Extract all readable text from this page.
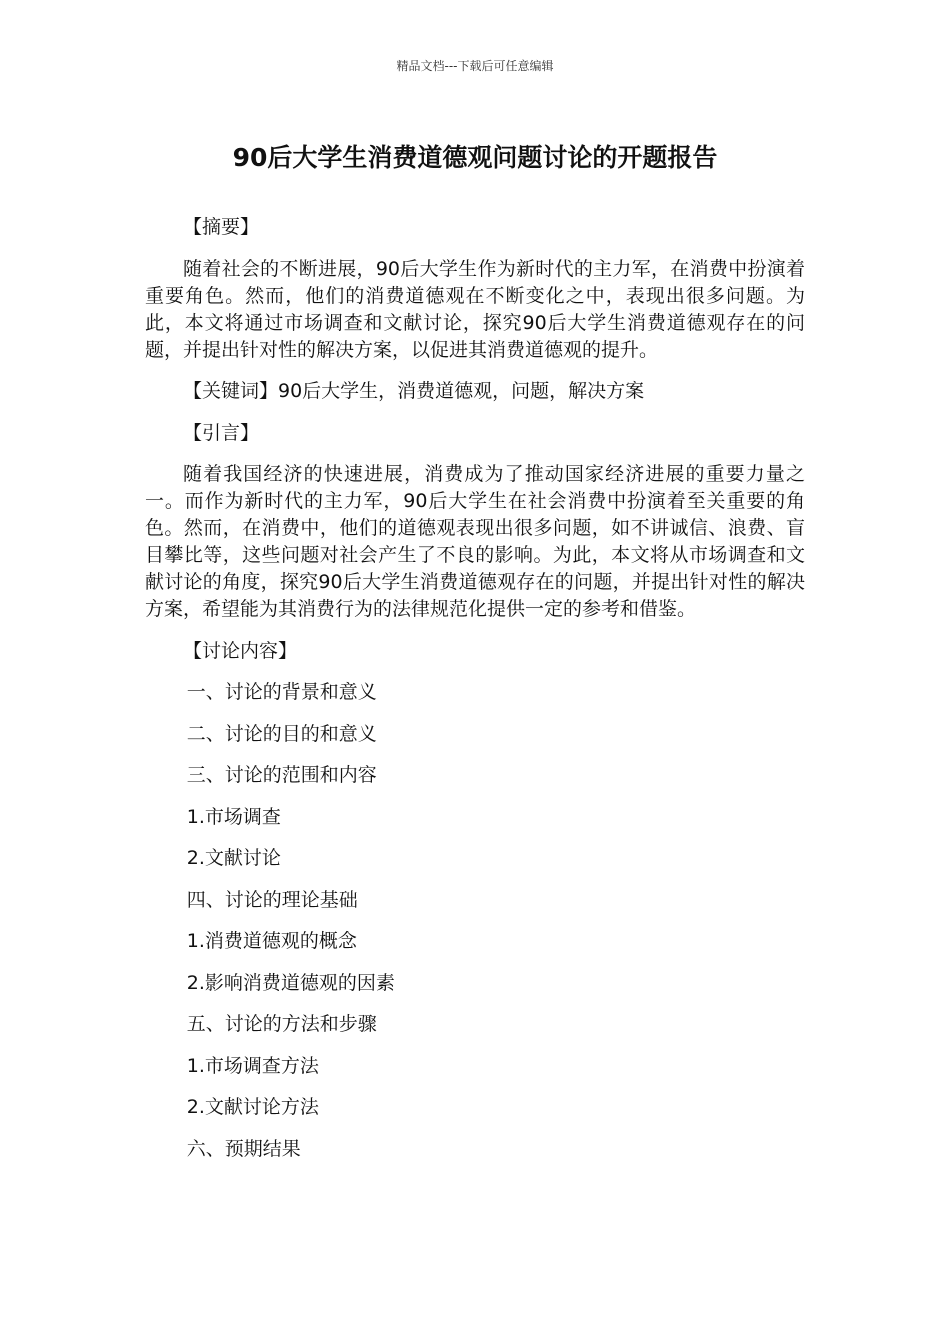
精品文档---下载后可任意编辑
90后大学生消费道德观问题讨论的开题报告

【摘要】

随着社会的不断进展，90后大学生作为新时代的主力军，在消费中扮演着重要角色。然而，他们的消费道德观在不断变化之中，表现出很多问题。为此，本文将通过市场调查和文献讨论，探究90后大学生消费道德观存在的问题，并提出针对性的解决方案，以促进其消费道德观的提升。

【关键词】90后大学生，消费道德观，问题，解决方案

【引言】

随着我国经济的快速进展，消费成为了推动国家经济进展的重要力量之一。而作为新时代的主力军，90后大学生在社会消费中扮演着至关重要的角色。然而，在消费中，他们的道德观表现出很多问题，如不讲诚信、浪费、盲目攀比等，这些问题对社会产生了不良的影响。为此，本文将从市场调查和文献讨论的角度，探究90后大学生消费道德观存在的问题，并提出针对性的解决方案，希望能为其消费行为的法律规范化提供一定的参考和借鉴。

【讨论内容】

一、讨论的背景和意义
二、讨论的目的和意义
三、讨论的范围和内容
1.市场调查
2.文献讨论
四、讨论的理论基础
1.消费道德观的概念
2.影响消费道德观的因素
五、讨论的方法和步骤
1.市场调查方法
2.文献讨论方法
六、预期结果
